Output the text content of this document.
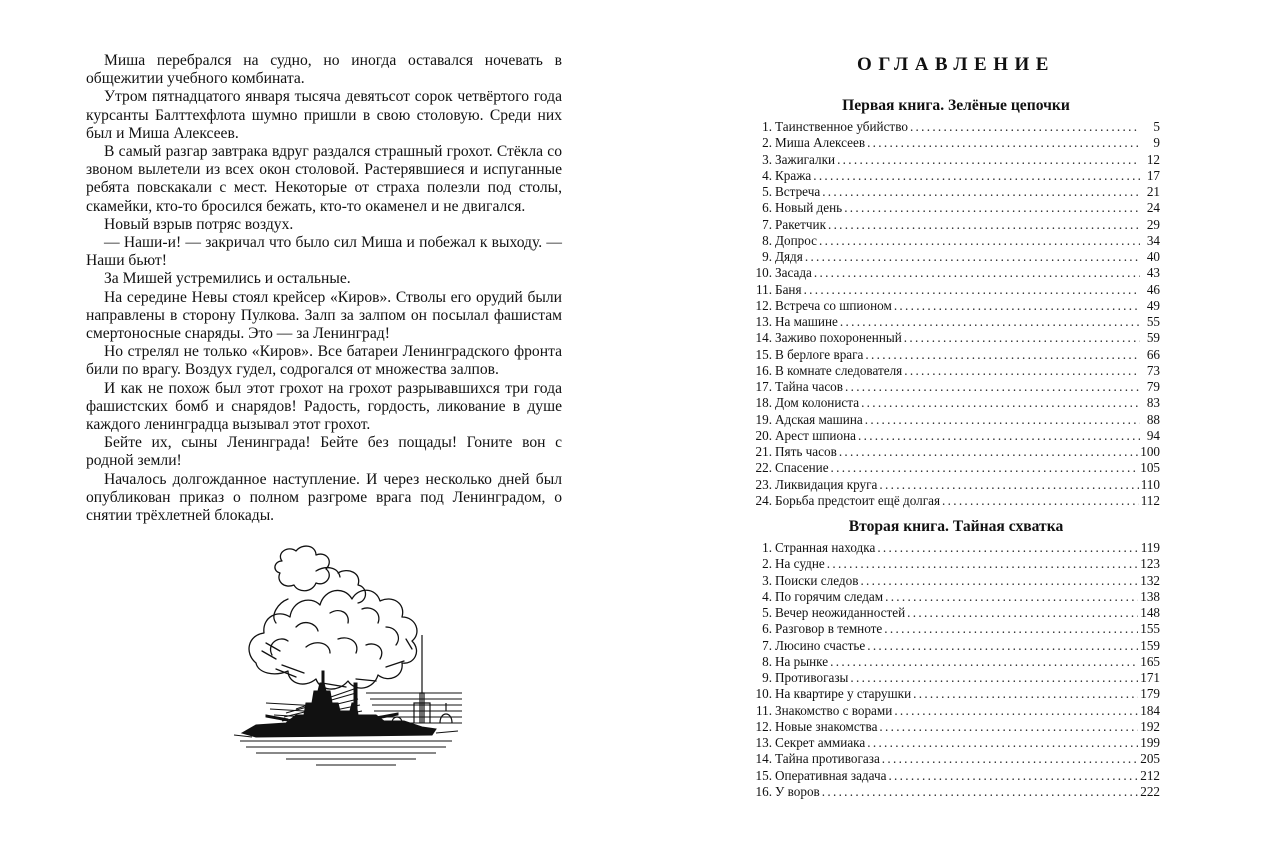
Миша перебрался на судно, но иногда оставался ночевать в общежитии учебного комбината.

Утром пятнадцатого января тысяча девятьсот сорок четвёртого года курсанты Балттехфлота шумно пришли в свою столовую. Среди них был и Миша Алексеев.

В самый разгар завтрака вдруг раздался страшный грохот. Стёкла со звоном вылетели из всех окон столовой. Растерявшиеся и испуганные ребята повскакали с мест. Некоторые от страха полезли под столы, скамейки, кто-то бросился бежать, кто-то окаменел и не двигался.

Новый взрыв потряс воздух.

— Наши-и! — закричал что было сил Миша и побежал к выходу. — Наши бьют!

За Мишей устремились и остальные.

На середине Невы стоял крейсер «Киров». Стволы его орудий были направлены в сторону Пулкова. Залп за залпом он посылал фашистам смертоносные снаряды. Это — за Ленинград!

Но стрелял не только «Киров». Все батареи Ленинградского фронта били по врагу. Воздух гудел, содрогался от множества залпов.

И как не похож был этот грохот на грохот разрывавшихся три года фашистских бомб и снарядов! Радость, гордость, ликование в душе каждого ленинградца вызывал этот грохот.

Бейте их, сыны Ленинграда! Бейте без пощады! Гоните вон с родной земли!

Началось долгожданное наступление. И через несколько дней был опубликован приказ о полном разгроме врага под Ленинградом, о снятии трёхлетней блокады.

ОГЛАВЛЕНИЕ
Первая книга. Зелёные цепочки
1. Таинственное убийство . . .	5
2. Миша Алексеев . . .	9
3. Зажигалки . . .	12
4. Кража . . .	17
5. Встреча . . .	21
6. Новый день . . .	24
7. Ракетчик . . .	29
8. Допрос . . .	34
9. Дядя . . .	40
10. Засада . . .	43
11. Баня . . .	46
12. Встреча со шпионом . . .	49
13. На машине . . .	55
14. Заживо похороненный . . .	59
15. В берлоге врага . . .	66
16. В комнате следователя . . .	73
17. Тайна часов . . .	79
18. Дом колониста . . .	83
19. Адская машина . . .	88
20. Арест шпиона . . .	94
21. Пять часов . . .	100
22. Спасение . . .	105
23. Ликвидация круга . . .	110
24. Борьба предстоит ещё долгая . . .	112
Вторая книга. Тайная схватка
1. Странная находка . . .	119
2. На судне . . .	123
3. Поиски следов . . .	132
4. По горячим следам . . .	138
5. Вечер неожиданностей . . .	148
6. Разговор в темноте . . .	155
7. Люсино счастье . . .	159
8. На рынке . . .	165
9. Противогазы . . .	171
10. На квартире у старушки . . .	179
11. Знакомство с ворами . . .	184
12. Новые знакомства . . .	192
13. Секрет аммиака . . .	199
14. Тайна противогаза . . .	205
15. Оперативная задача . . .	212
16. У воров . . .	222
